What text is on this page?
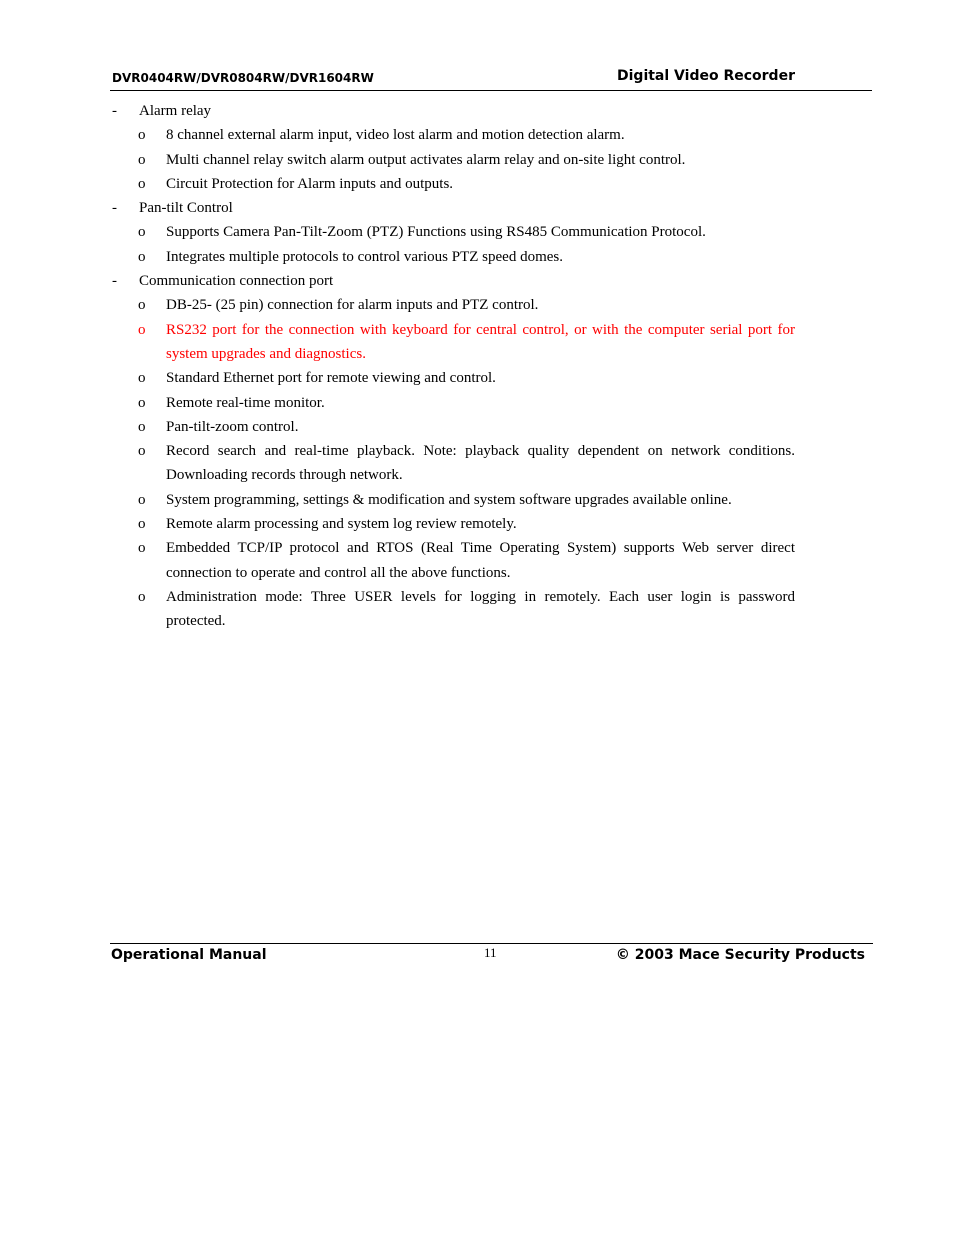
DVR0404RW/DVR0804RW/DVR1604RW	Digital Video Recorder
- Alarm relay
o 8 channel external alarm input, video lost alarm and motion detection alarm.
o Multi channel relay switch alarm output activates alarm relay and on-site light control.
o Circuit Protection for Alarm inputs and outputs.
- Pan-tilt Control
o Supports Camera Pan-Tilt-Zoom (PTZ) Functions using RS485 Communication Protocol.
o Integrates multiple protocols to control various PTZ speed domes.
- Communication connection port
o DB-25- (25 pin) connection for alarm inputs and PTZ control.
o RS232 port for the connection with keyboard for central control, or with the computer serial port for system upgrades and diagnostics.
o Standard Ethernet port for remote viewing and control.
o Remote real-time monitor.
o Pan-tilt-zoom control.
o Record search and real-time playback. Note: playback quality dependent on network conditions. Downloading records through network.
o System programming, settings & modification and system software upgrades available online.
o Remote alarm processing and system log review remotely.
o Embedded TCP/IP protocol and RTOS (Real Time Operating System) supports Web server direct connection to operate and control all the above functions.
o Administration mode: Three USER levels for logging in remotely. Each user login is password protected.
Operational Manual	11	© 2003 Mace Security Products
